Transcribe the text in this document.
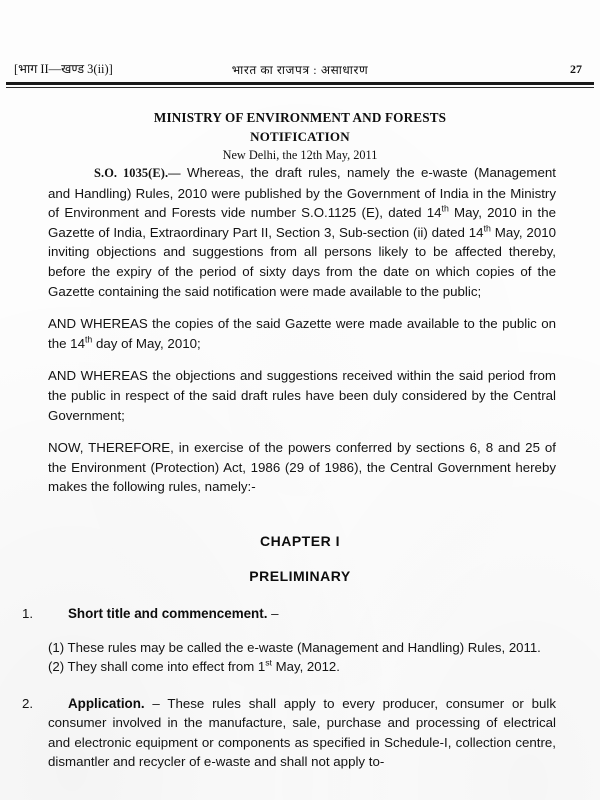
[भाग II—खण्ड 3(ii)]	भारत का राजपत्र : असाधारण	27
MINISTRY OF ENVIRONMENT AND FORESTS
NOTIFICATION
New Delhi, the 12th May, 2011

S.O. 1035(E).— Whereas, the draft rules, namely the e-waste (Management and Handling) Rules, 2010 were published by the Government of India in the Ministry of Environment and Forests vide number S.O.1125 (E), dated 14th May, 2010 in the Gazette of India, Extraordinary Part II, Section 3, Sub-section (ii) dated 14th May, 2010 inviting objections and suggestions from all persons likely to be affected thereby, before the expiry of the period of sixty days from the date on which copies of the Gazette containing the said notification were made available to the public;

AND WHEREAS the copies of the said Gazette were made available to the public on the 14th day of May, 2010;

AND WHEREAS the objections and suggestions received within the said period from the public in respect of the said draft rules have been duly considered by the Central Government;

NOW, THEREFORE, in exercise of the powers conferred by sections 6, 8 and 25 of the Environment (Protection) Act, 1986 (29 of 1986), the Central Government hereby makes the following rules, namely:-

CHAPTER I
PRELIMINARY
1.	Short title and commencement. –
(1) These rules may be called the e-waste (Management and Handling) Rules, 2011.
(2) They shall come into effect from 1st May, 2012.
2.	Application. – These rules shall apply to every producer, consumer or bulk consumer involved in the manufacture, sale, purchase and processing of electrical and electronic equipment or components as specified in Schedule-I, collection centre, dismantler and recycler of e-waste and shall not apply to-
